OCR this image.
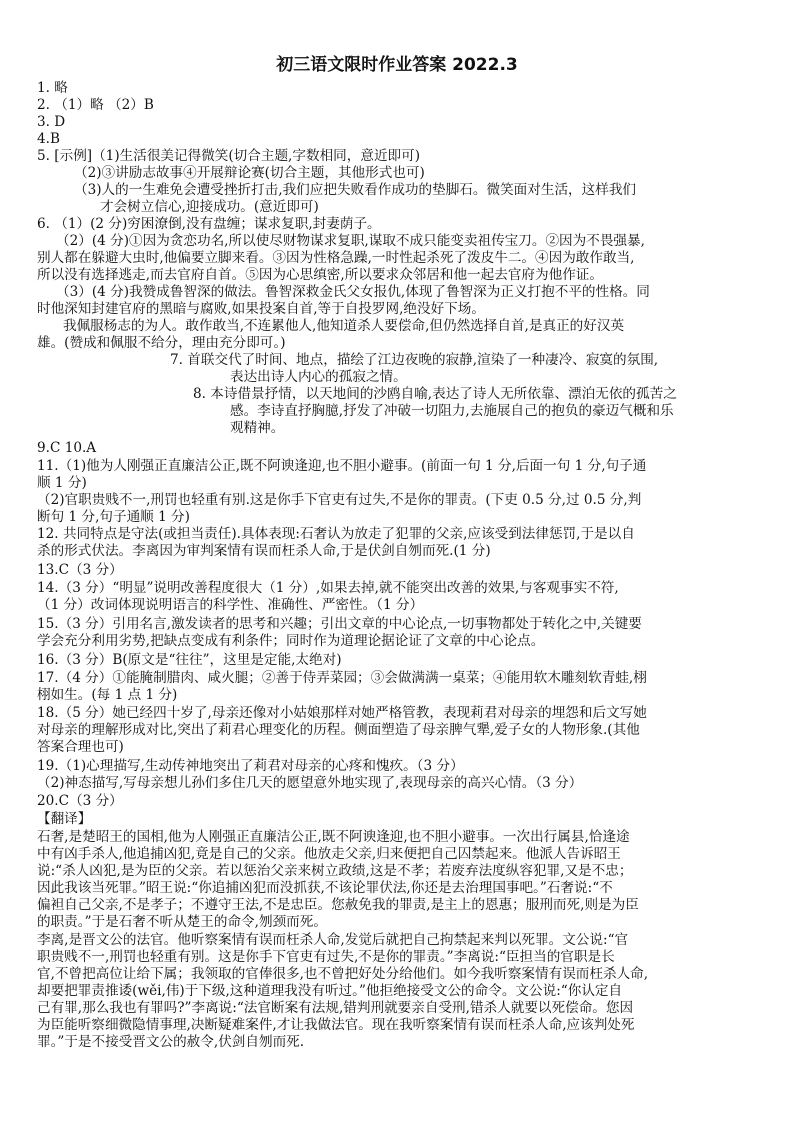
初三语文限时作业答案 2022.3
1. 略
2. （1）略 （2）B
3. D
4.B
5. [示例]（1)生活很美记得微笑(切合主题,字数相同，意近即可)
（2)③讲励志故事④开展辩论赛(切合主题，其他形式也可)
（3)人的一生难免会遭受挫折打击,我们应把失败看作成功的垫脚石。微笑面对生活，这样我们
才会树立信心,迎接成功。(意近即可)
6. （1）(2 分)穷困潦倒,没有盘缠；谋求复职,封妻荫子。
（2）(4 分)①因为贪恋功名,所以使尽财物谋求复职,谋取不成只能变卖祖传宝刀。②因为不畏强暴,
别人都在躲避大虫时,他偏要立脚来看。③因为性格急躁,一时性起杀死了泼皮牛二。④因为敢作敢当,
所以没有选择逃走,而去官府自首。⑤因为心思缜密,所以要求众邻居和他一起去官府为他作证。
（3）(4 分)我赞成鲁智深的做法。鲁智深救金氏父女报仇,体现了鲁智深为正义打抱不平的性格。同
时他深知封建官府的黑暗与腐败,如果投案自首,等于自投罗网,绝没好下场。
我佩服杨志的为人。敢作敢当,不连累他人,他知道杀人要偿命,但仍然选择自首,是真正的好汉英
雄。(赞成和佩服不给分，理由充分即可。)
7. 首联交代了时间、地点，描绘了江边夜晚的寂静,渲染了一种凄冷、寂寞的氛围,
表达出诗人内心的孤寂之情。
8. 本诗借景抒情，以天地间的沙鸥自喻,表达了诗人无所依靠、漂泊无依的孤苦之
感。李诗直抒胸臆,抒发了冲破一切阻力,去施展自己的抱负的豪迈气概和乐
观精神。
9.C 10.A
11.（1)他为人刚强正直廉洁公正,既不阿谀逢迎,也不胆小避事。(前面一句 1 分,后面一句 1 分,句子通
顺 1 分)
（2)官职贵贱不一,刑罚也轻重有别.这是你手下官吏有过失,不是你的罪责。(下吏 0.5 分,过 0.5 分,判
断句 1 分,句子通顺 1 分)
12. 共同特点是守法(或担当责任).具体表现:石奢认为放走了犯罪的父亲,应该受到法律惩罚,于是以自
杀的形式伏法。李离因为审判案情有误而枉杀人命,于是伏剑自刎而死.(1 分)
13.C（3 分）
14.（3 分）“明显”说明改善程度很大（1 分）,如果去掉,就不能突出改善的效果,与客观事实不符,
（1 分）改词体现说明语言的科学性、准确性、严密性。（1 分）
15.（3 分）引用名言,激发读者的思考和兴趣；引出文章的中心论点,一切事物都处于转化之中,关键要
学会充分利用劣势,把缺点变成有利条件；同时作为道理论据论证了文章的中心论点。
16.（3 分）B(原文是“往往”，这里是定能,太绝对)
17.（4 分）①能腌制腊肉、咸火腿；②善于侍弄菜园；③会做满满一桌菜；④能用软木雕刻软青蛙,栩
栩如生。(每 1 点 1 分)
18.（5 分）她已经四十岁了,母亲还像对小姑娘那样对她严格管教，表现莉君对母亲的埋怨和后文写她
对母亲的理解形成对比,突出了莉君心理变化的历程。侧面塑造了母亲脾气犟,爱子女的人物形象.(其他
答案合理也可)
19.（1)心理描写,生动传神地突出了莉君对母亲的心疼和愧疚。（3 分）
（2)神态描写,写母亲想儿孙们多住几天的愿望意外地实现了,表现母亲的高兴心情。（3 分）
20.C（3 分）
【翻译】
石奢,是楚昭王的国相,他为人刚强正直廉洁公正,既不阿谀逢迎,也不胆小避事。一次出行属县,恰逢途
中有凶手杀人,他追捕凶犯,竟是自己的父亲。他放走父亲,归来便把自己囚禁起来。他派人告诉昭王
说:“杀人凶犯,是为臣的父亲。若以惩治父亲来树立政绩,这是不孝；若废弃法度纵容犯罪,又是不忠；
因此我该当死罪。”昭王说:“你追捕凶犯而没抓获,不该论罪伏法,你还是去治理国事吧。”石奢说:“不
偏袒自己父亲,不是孝子；不遵守王法,不是忠臣。您赦免我的罪责,是主上的恩惠；服刑而死,则是为臣
的职责。”于是石奢不听从楚王的命令,刎颈而死。
李离,是晋文公的法官。他听察案情有误而枉杀人命,发觉后就把自己拘禁起来判以死罪。文公说:“官
职贵贱不一,刑罚也轻重有别。这是你手下官吏有过失,不是你的罪责。”李离说:“臣担当的官职是长
官,不曾把高位让给下属；我领取的官俸很多,也不曾把好处分给他们。如今我听察案情有误而枉杀人命,
却要把罪责推诿(wěi,伟)于下级,这种道理我没有听过。”他拒绝接受文公的命令。文公说:“你认定自
己有罪,那么我也有罪吗?”李离说:“法官断案有法规,错判刑就要亲自受刑,错杀人就要以死偿命。您因
为臣能听察细微隐情事理,决断疑难案件,才让我做法官。现在我听察案情有误而枉杀人命,应该判处死
罪。”于是不接受晋文公的赦令,伏剑自刎而死.
